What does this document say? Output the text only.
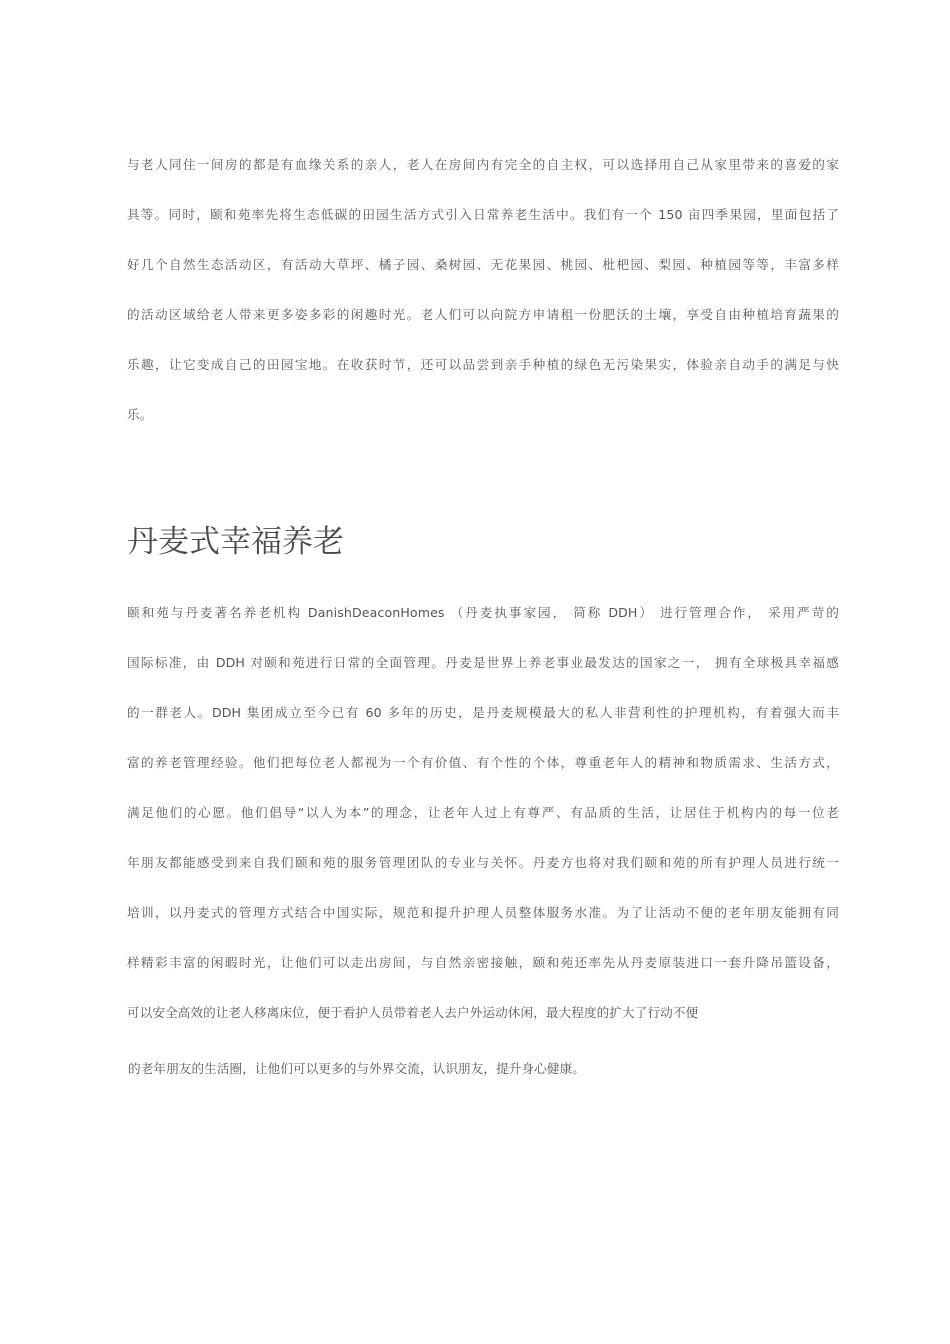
与老人同住一间房的都是有血缘关系的亲人，老人在房间内有完全的自主权，可以选择用自己从家里带来的喜爱的家
具等。同时，颐和苑率先将生态低碳的田园生活方式引入日常养老生活中。我们有一个 150 亩四季果园，里面包括了
好几个自然生态活动区，有活动大草坪、橘子园、桑树园、无花果园、桃园、枇杷园、梨园、种植园等等，丰富多样
的活动区域给老人带来更多姿多彩的闲趣时光。老人们可以向院方申请租一份肥沃的土壤，享受自由种植培育蔬果的
乐趣，让它变成自己的田园宝地。在收获时节，还可以品尝到亲手种植的绿色无污染果实，体验亲自动手的满足与快
乐。
丹麦式幸福养老
颐和苑与丹麦著名养老机构 DanishDeaconHomes （丹麦执事家园， 简称 DDH） 进行管理合作， 采用严苛的
国际标准，由 DDH 对颐和苑进行日常的全面管理。丹麦是世界上养老事业最发达的国家之一， 拥有全球极具幸福感
的一群老人。DDH 集团成立至今已有 60 多年的历史，是丹麦规模最大的私人非营利性的护理机构，有着强大而丰
富的养老管理经验。他们把每位老人都视为一个有价值、有个性的个体，尊重老年人的精神和物质需求、生活方式，
满足他们的心愿。他们倡导“以人为本”的理念，让老年人过上有尊严、有品质的生活，让居住于机构内的每一位老
年朋友都能感受到来自我们颐和苑的服务管理团队的专业与关怀。丹麦方也将对我们颐和苑的所有护理人员进行统一
培训，以丹麦式的管理方式结合中国实际，规范和提升护理人员整体服务水准。为了让活动不便的老年朋友能拥有同
样精彩丰富的闲暇时光，让他们可以走出房间，与自然亲密接触，颐和苑还率先从丹麦原装进口一套升降吊篮设备，
可以安全高效的让老人移离床位，便于看护人员带着老人去户外运动休闲，最大程度的扩大了行动不便
的老年朋友的生活圈，让他们可以更多的与外界交流，认识朋友，提升身心健康。
